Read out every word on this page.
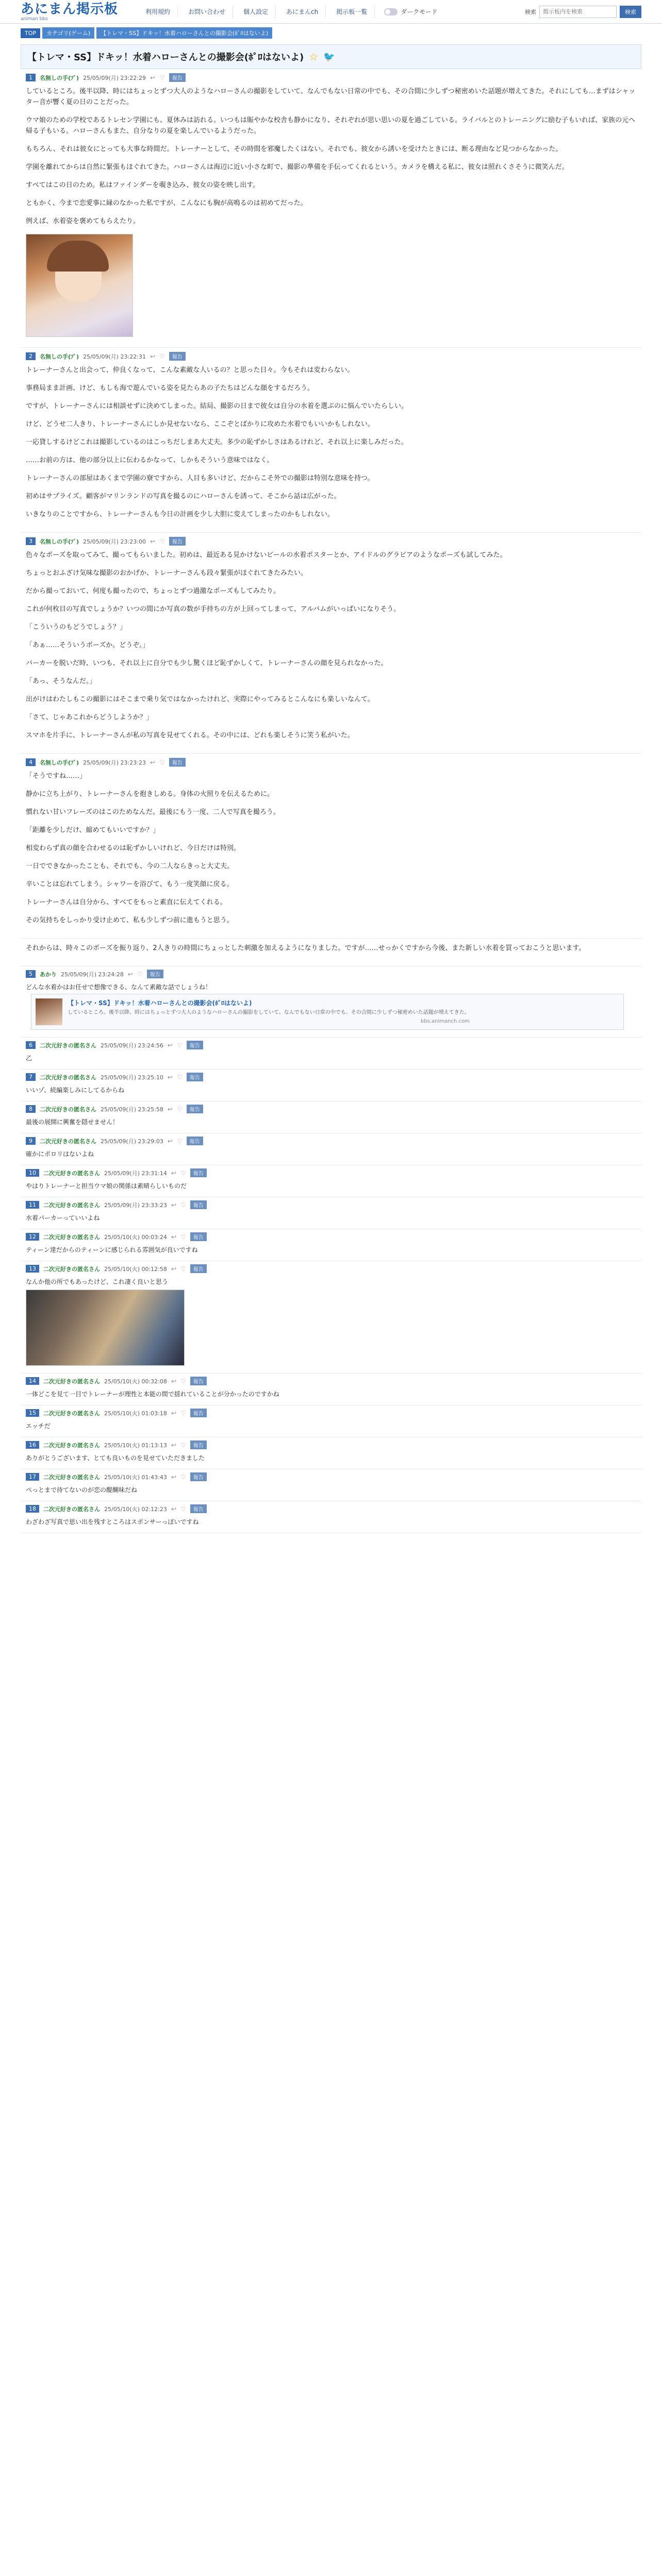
あにまん掲示板
animan bbs
利用規約	お問い合わせ	個人設定	あにまんch	掲示板一覧	ダークモード	検索
掲示板内を検索	検索
TOP	カテゴリ(ゲーム)	【トレマ・SS】ドキッ！水着ハローさんとの撮影会(ﾎﾟﾛはないよ)
【トレマ・SS】ドキッ！水着ハローさんとの撮影会(ﾎﾟﾛはないよ) ☆ 🐦
1	名無しの手(ﾌﾞ) 25/05/09(月) 23:22:29 ↩ ♡	報告

しているところ。後半以降、時にはちょっとずつ大人のようなハローさんの撮影をしていて、なんでもない日常の中でも、その合間に少しずつ秘密めいた話題が増えてきた。それにしても…まずはシャッター音が響く夏の日のことだった。

ウマ娘のための学校であるトレセン学園にも、夏休みは訪れる。いつもは賑やかな校舎も静かになり、それぞれが思い思いの夏を過ごしている。ライバルとのトレーニングに励む子もいれば、家族の元へ帰る子もいる。ハローさんもまた、自分なりの夏を楽しんでいるようだった。

もちろん、それは彼女にとっても大事な時間だ。トレーナーとして、その時間を邪魔したくはない。それでも、彼女から誘いを受けたときには、断る理由など見つからなかった。

学園を離れてからは自然に緊張もほぐれてきた。ハローさんは海辺に近い小さな町で、撮影の準備を手伝ってくれるという。カメラを構える私に、彼女は照れくさそうに微笑んだ。

すべてはこの日のため。私はファインダーを覗き込み、彼女の姿を映し出す。

ともかく、今まで恋愛事に縁のなかった私ですが、こんなにも胸が高鳴るのは初めてだった。

例えば、水着姿を褒めてもらえたり。

2	名無しの手(ﾌﾞ) 25/05/09(月) 23:22:31 ↩ ♡	報告

トレーナーさんと出会って、仲良くなって、こんな素敵な人いるの？と思った日々。今もそれは変わらない。

事務局まま計画、けど、もしも海で遊んでいる姿を見たらあの子たちはどんな顔をするだろう。

ですが、トレーナーさんには相談せずに決めてしまった。結局、撮影の日まで彼女は自分の水着を選ぶのに悩んでいたらしい。

けど、どうせ二人きり、トレーナーさんにしか見せないなら、ここぞとばかりに攻めた水着でもいいかもしれない。

一応貸しするけどこれは撮影しているのはこっちだしまあ大丈夫。多少の恥ずかしさはあるけれど、それ以上に楽しみだった。

……お前の方は、他の部分以上に伝わるかなって、しかもそういう意味ではなく。

トレーナーさんの部屋はあくまで学園の寮ですから、人目も多いけど、だからこそ外での撮影は特別な意味を持つ。

初めはサプライズ。顧客がマリンランドの写真を撮るのにハローさんを誘って、そこから話は広がった。

いきなりのことですから、トレーナーさんも今日の計画を少し大胆に変えてしまったのかもしれない。

3	名無しの手(ﾌﾞ) 25/05/09(月) 23:23:00 ↩ ♡	報告

色々なポーズを取ってみて、撮ってもらいました。初めは、最近ある見かけないビールの水着ポスターとか、アイドルのグラビアのようなポーズも試してみた。

ちょっとおふざけ気味な撮影のおかげか、トレーナーさんも段々緊張がほぐれてきたみたい。

だから撮っておいて、何度も撮ったので、ちょっとずつ過激なポーズもしてみたり。

これが何枚目の写真でしょうか？いつの間にか写真の数が手持ちの方が上回ってしまって、アルバムがいっぱいになりそう。

「こういうのもどうでしょう？」

「あぁ……そういうポーズか。どうぞ。」

パーカーを脱いだ時、いつも、それ以上に自分でも少し驚くほど恥ずかしくて、トレーナーさんの顔を見られなかった。

「あっ、そうなんだ。」

出がけはわたしもこの撮影にはそこまで乗り気ではなかったけれど、実際にやってみるとこんなにも楽しいなんて。

「さて、じゃあこれからどうしようか？」

スマホを片手に、トレーナーさんが私の写真を見せてくれる。その中には、どれも楽しそうに笑う私がいた。

4	名無しの手(ﾌﾞ) 25/05/09(月) 23:23:23 ↩ ♡	報告

「そうですね……」

静かに立ち上がり、トレーナーさんを抱きしめる。身体の火照りを伝えるために。

慣れない甘いフレーズのはこのためなんだ。最後にもう一度、二人で写真を撮ろう。

「距離を少しだけ、縮めてもいいですか？」

相変わらず真の顔を合わせるのは恥ずかしいけれど、今日だけは特別。

一日でできなかったことも、それでも、今の二人ならきっと大丈夫。

辛いことは忘れてしまう。シャワーを浴びて、もう一度笑顔に戻る。

トレーナーさんは自分から、すべてをもっと素直に伝えてくれる。

その気持ちをしっかり受け止めて、私も少しずつ前に進もうと思う。

それからは、時々このポーズを振り返り、2人きりの時間にちょっとした刺激を加えるようになりました。ですが……せっかくですから今後、また新しい水着を買っておこうと思います。

5	あかり 25/05/09(月) 23:24:28 ↩ ♡	報告

どんな水着かはお任せで想像できる、なんて素敵な話でしょうね！

【トレマ・SS】ドキッ！水着ハローさんとの撮影会(ﾎﾟﾛはないよ)
しているところ。後半以降、時にはちょっとずつ大人のようなハローさんの撮影をしていて、なんでもない日常の中でも、その合間に少しずつ秘密めいた話題が増えてきた。
bbs.animanch.com
6	二次元好きの匿名さん 25/05/09(月) 23:24:56 ↩ ♡	報告

乙

7	二次元好きの匿名さん 25/05/09(月) 23:25:10 ↩ ♡	報告

いいゾ、続編楽しみにしてるからね

8	二次元好きの匿名さん 25/05/09(月) 23:25:58 ↩ ♡	報告

最後の展開に興奮を隠せません！

9	二次元好きの匿名さん 25/05/09(月) 23:29:03 ↩ ♡	報告

確かにポロリはないよね

10	二次元好きの匿名さん 25/05/09(月) 23:31:14 ↩ ♡	報告

やはりトレーナーと担当ウマ娘の関係は素晴らしいものだ

11	二次元好きの匿名さん 25/05/09(月) 23:33:23 ↩ ♡	報告

水着パーカーっていいよね

12	二次元好きの匿名さん 25/05/10(火) 00:03:24 ↩ ♡	報告

ティーン達だからのティーンに感じられる雰囲気が良いですね

13	二次元好きの匿名さん 25/05/10(火) 00:12:58 ↩ ♡	報告

なんか他の所でもあったけど、これ凄く良いと思う

14	二次元好きの匿名さん 25/05/10(火) 00:32:08 ↩ ♡	報告

一体どこを見て一目でトレーナーが理性と本能の間で揺れていることが分かったのですかね

15	二次元好きの匿名さん 25/05/10(火) 01:03:18 ↩ ♡	報告

エッチだ

16	二次元好きの匿名さん 25/05/10(火) 01:13:13 ↩ ♡	報告

ありがとうございます、とても良いものを見せていただきました

17	二次元好きの匿名さん 25/05/10(火) 01:43:43 ↩ ♡	報告

ぺっとまで待てないのが恋の醍醐味だね

18	二次元好きの匿名さん 25/05/10(火) 02:12:23 ↩ ♡	報告

わざわざ写真で思い出を残すところはスポンサーっぽいですね
